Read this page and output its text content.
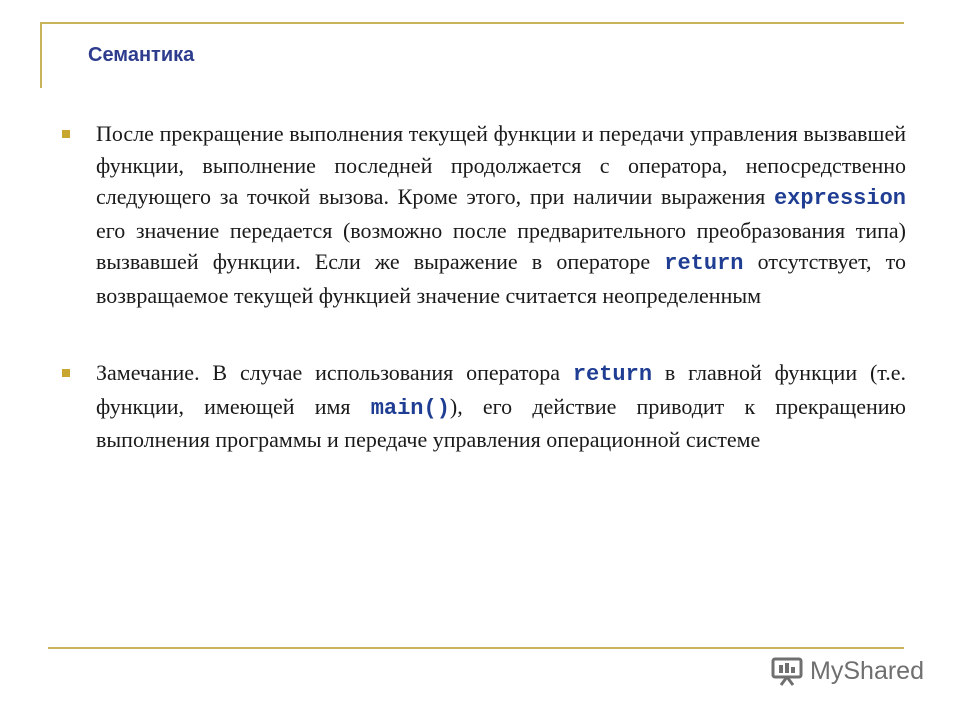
Семантика
После прекращение выполнения текущей функции и передачи управления вызвавшей функции, выполнение последней продолжается с оператора, непосредственно следующего за точкой вызова. Кроме этого, при наличии выражения expression его значение передается (возможно после предварительного преобразования типа) вызвавшей функции. Если же выражение в операторе return отсутствует, то возвращаемое текущей функцией значение считается неопределенным
Замечание. В случае использования оператора return в главной функции (т.е. функции, имеющей имя main()), его действие приводит к прекращению выполнения программы и передаче управления операционной системе
MyShared
